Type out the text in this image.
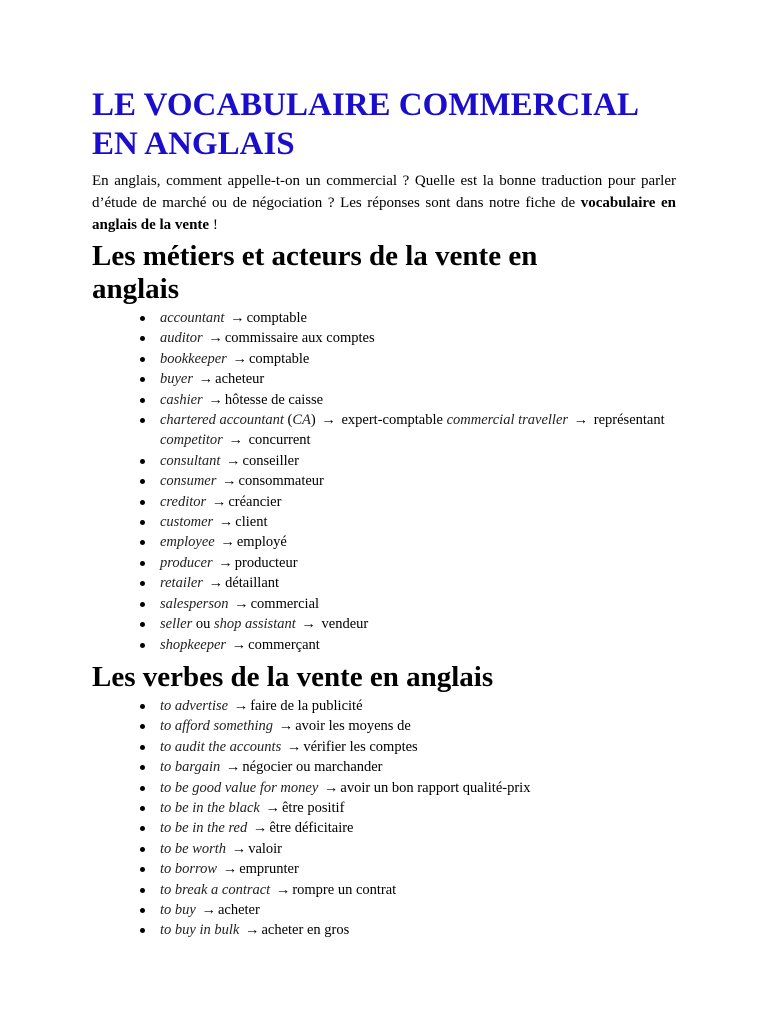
LE VOCABULAIRE COMMERCIAL
EN ANGLAIS

En anglais, comment appelle-t-on un commercial ? Quelle est la bonne traduction pour parler d’étude de marché ou de négociation ? Les réponses sont dans notre fiche de vocabulaire en anglais de la vente !

Les métiers et acteurs de la vente en
anglais
accountant → comptable
auditor → commissaire aux comptes
bookkeeper → comptable
buyer → acheteur
cashier → hôtesse de caisse
chartered accountant (CA) → expert-comptable commercial traveller → représentant competitor → concurrent
consultant → conseiller
consumer → consommateur
creditor → créancier
customer → client
employee → employé
producer → producteur
retailer → détaillant
salesperson → commercial
seller ou shop assistant → vendeur
shopkeeper → commerçant
Les verbes de la vente en anglais
to advertise → faire de la publicité
to afford something → avoir les moyens de
to audit the accounts → vérifier les comptes
to bargain → négocier ou marchander
to be good value for money → avoir un bon rapport qualité-prix
to be in the black → être positif
to be in the red → être déficitaire
to be worth → valoir
to borrow → emprunter
to break a contract → rompre un contrat
to buy → acheter
to buy in bulk → acheter en gros
